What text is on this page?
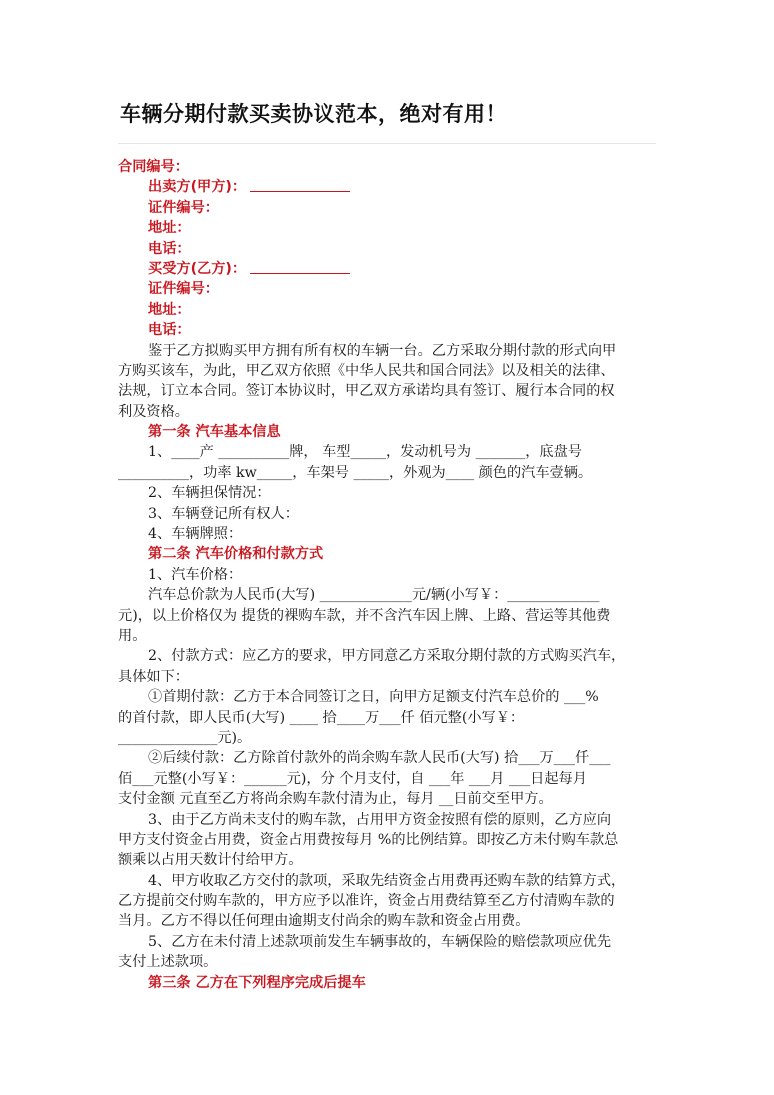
车辆分期付款买卖协议范本，绝对有用！
合同编号：
出卖方(甲方)：
证件编号：
地址：
电话：
买受方(乙方)：
证件编号：
地址：
电话：
鉴于乙方拟购买甲方拥有所有权的车辆一台。乙方采取分期付款的形式向甲
方购买该车，为此，甲乙双方依照《中华人民共和国合同法》以及相关的法律、
法规，订立本合同。签订本协议时，甲乙双方承诺均具有签订、履行本合同的权
利及资格。
第一条 汽车基本信息
1、____产 __________牌， 车型_____，发动机号为 _______，底盘号
__________，功率 kw_____，车架号 _____，外观为____ 颜色的汽车壹辆。
2、车辆担保情况：
3、车辆登记所有权人：
4、车辆牌照：
第二条 汽车价格和付款方式
1、汽车价格：
汽车总价款为人民币(大写) _____________元/辆(小写￥：_____________
元)，以上价格仅为 提货的裸购车款，并不含汽车因上牌、上路、营运等其他费
用。
2、付款方式：应乙方的要求，甲方同意乙方采取分期付款的方式购买汽车，
具体如下：
①首期付款：乙方于本合同签订之日，向甲方足额支付汽车总价的 ___%
的首付款，即人民币(大写) ____ 拾____万___仟 佰元整(小写￥：
______________元)。
②后续付款：乙方除首付款外的尚余购车款人民币(大写) 拾___万___仟___
佰___元整(小写￥：______元)，分 个月支付，自 ___年 ___月 ___日起每月
支付金额 元直至乙方将尚余购车款付清为止，每月 __日前交至甲方。
3、由于乙方尚未支付的购车款，占用甲方资金按照有偿的原则，乙方应向
甲方支付资金占用费，资金占用费按每月 %的比例结算。即按乙方未付购车款总
额乘以占用天数计付给甲方。
4、甲方收取乙方交付的款项，采取先结资金占用费再还购车款的结算方式，
乙方提前交付购车款的，甲方应予以准许，资金占用费结算至乙方付清购车款的
当月。乙方不得以任何理由逾期支付尚余的购车款和资金占用费。
5、乙方在未付清上述款项前发生车辆事故的，车辆保险的赔偿款项应优先
支付上述款项。
第三条 乙方在下列程序完成后提车
